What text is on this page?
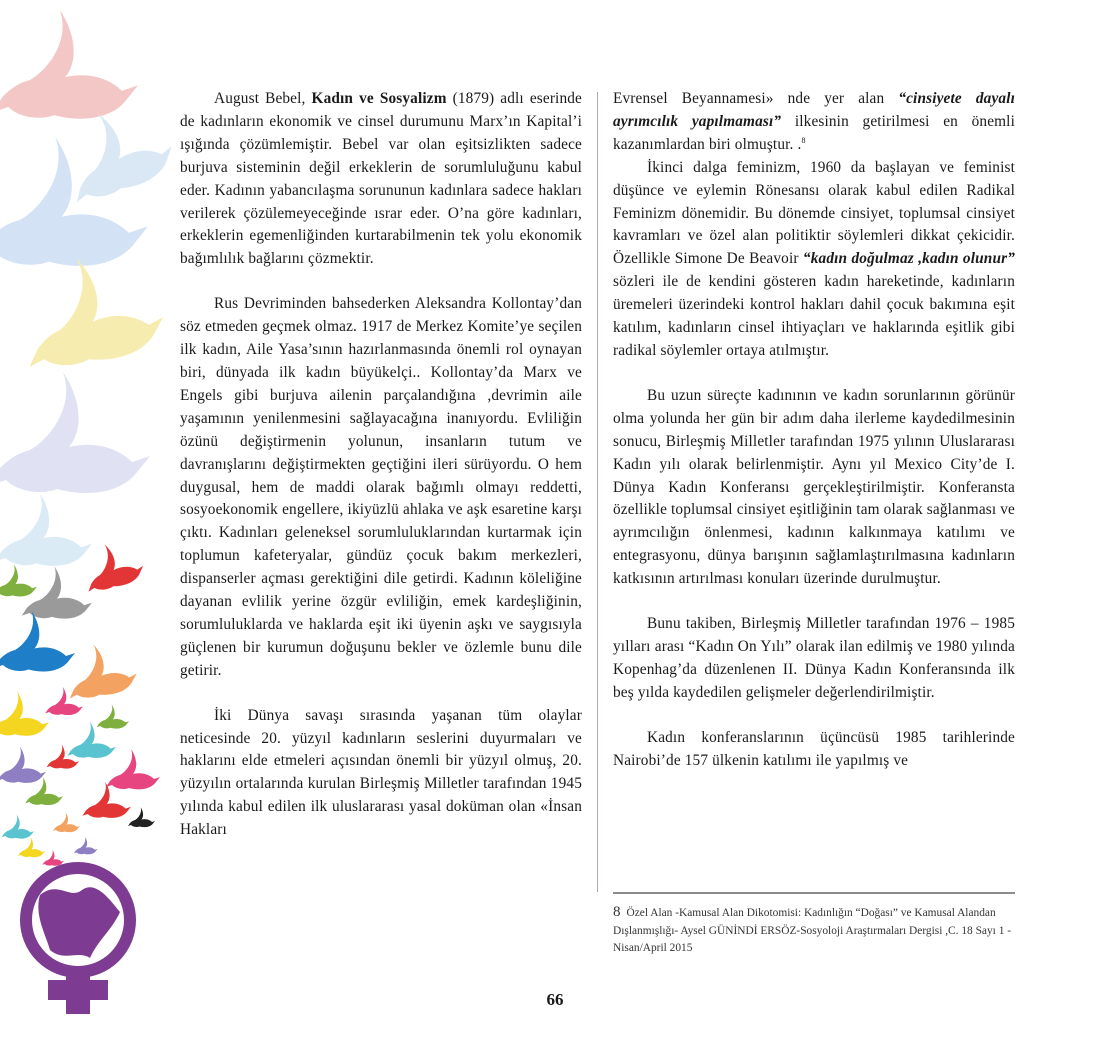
August Bebel, Kadın ve Sosyalizm (1879) adlı eserinde de kadınların ekonomik ve cinsel durumunu Marx’ın Kapital’i ışığında çözümlemiştir. Bebel var olan eşitsizlikten sadece burjuva sisteminin değil erkeklerin de sorumluluğunu kabul eder. Kadının yabancılaşma sorununun kadınlara sadece hakları verilerek çözülemeyeceğinde ısrar eder. O’na göre kadınları, erkeklerin egemenliğinden kurtarabilmenin tek yolu ekonomik bağımlılık bağlarını çözmektir.

Rus Devriminden bahsederken Aleksandra Kollontay’dan söz etmeden geçmek olmaz. 1917 de Merkez Komite’ye seçilen ilk kadın, Aile Yasa’sının hazırlanmasında önemli rol oynayan biri, dünyada ilk kadın büyükelçi.. Kollontay’da Marx ve Engels gibi burjuva ailenin parçalandığına ,devrimin aile yaşamının yenilenmesini sağlayacağına inanıyordu. Evliliğin özünü değiştirmenin yolunun, insanların tutum ve davranışlarını değiştirmekten geçtiğini ileri sürüyordu. O hem duygusal, hem de maddi olarak bağımlı olmayı reddetti, sosyoekonomik engellere, ikiyüzlü ahlaka ve aşk esaretine karşı çıktı. Kadınları geleneksel sorumluluklarından kurtarmak için toplumun kafeteryalar, gündüz çocuk bakım merkezleri, dispanserler açması gerektiğini dile getirdi. Kadının köleliğine dayanan evlilik yerine özgür evliliğin, emek kardeşliğinin, sorumluluklarda ve haklarda eşit iki üyenin aşkı ve saygısıyla güçlenen bir kurumun doğuşunu bekler ve özlemle bunu dile getirir.

İki Dünya savaşı sırasında yaşanan tüm olaylar neticesinde 20. yüzyıl kadınların seslerini duyurmaları ve haklarını elde etmeleri açısından önemli bir yüzyıl olmuş, 20. yüzyılın ortalarında kurulan Birleşmiş Milletler tarafından 1945 yılında kabul edilen ilk uluslararası yasal doküman olan «İnsan Hakları

Evrensel Beyannamesi» nde yer alan “cinsiyete dayalı ayrımcılık yapılmaması” ilkesinin getirilmesi en önemli kazanımlardan biri olmuştur. .$^8$

İkinci dalga feminizm, 1960 da başlayan ve feminist düşünce ve eylemin Rönesansı olarak kabul edilen Radikal Feminizm dönemidir. Bu dönemde cinsiyet, toplumsal cinsiyet kavramları ve özel alan politiktir söylemleri dikkat çekicidir. Özellikle Simone De Beavoir “kadın doğulmaz ,kadın olunur” sözleri ile de kendini gösteren kadın hareketinde, kadınların üremeleri üzerindeki kontrol hakları dahil çocuk bakımına eşit katılım, kadınların cinsel ihtiyaçları ve haklarında eşitlik gibi radikal söylemler ortaya atılmıştır.

Bu uzun süreçte kadınının ve kadın sorunlarının görünür olma yolunda her gün bir adım daha ilerleme kaydedilmesinin sonucu, Birleşmiş Milletler tarafından 1975 yılının Uluslararası Kadın yılı olarak belirlenmiştir. Aynı yıl Mexico City’de I. Dünya Kadın Konferansı gerçekleştirilmiştir. Konferansta özellikle toplumsal cinsiyet eşitliğinin tam olarak sağlanması ve ayrımcılığın önlenmesi, kadının kalkınmaya katılımı ve entegrasyonu, dünya barışının sağlamlaştırılmasına kadınların katkısının artırılması konuları üzerinde durulmuştur.

Bunu takiben, Birleşmiş Milletler tarafından 1976 – 1985 yılları arası “Kadın On Yılı” olarak ilan edilmiş ve 1980 yılında Kopenhag’da düzenlenen II. Dünya Kadın Konferansında ilk beş yılda kaydedilen gelişmeler değerlendirilmiştir.

Kadın konferanslarının üçüncüsü 1985 tarihlerinde Nairobi’de 157 ülkenin katılımı ile yapılmış ve

8 Özel Alan -Kamusal Alan Dikotomisi: Kadınlığın “Doğası” ve Kamusal Alandan Dışlanmışlığı- Aysel GÜNİNDİ ERSÖZ-Sosyoloji Araştırmaları Dergisi ,C. 18 Sayı 1 -Nisan/April 2015
66
